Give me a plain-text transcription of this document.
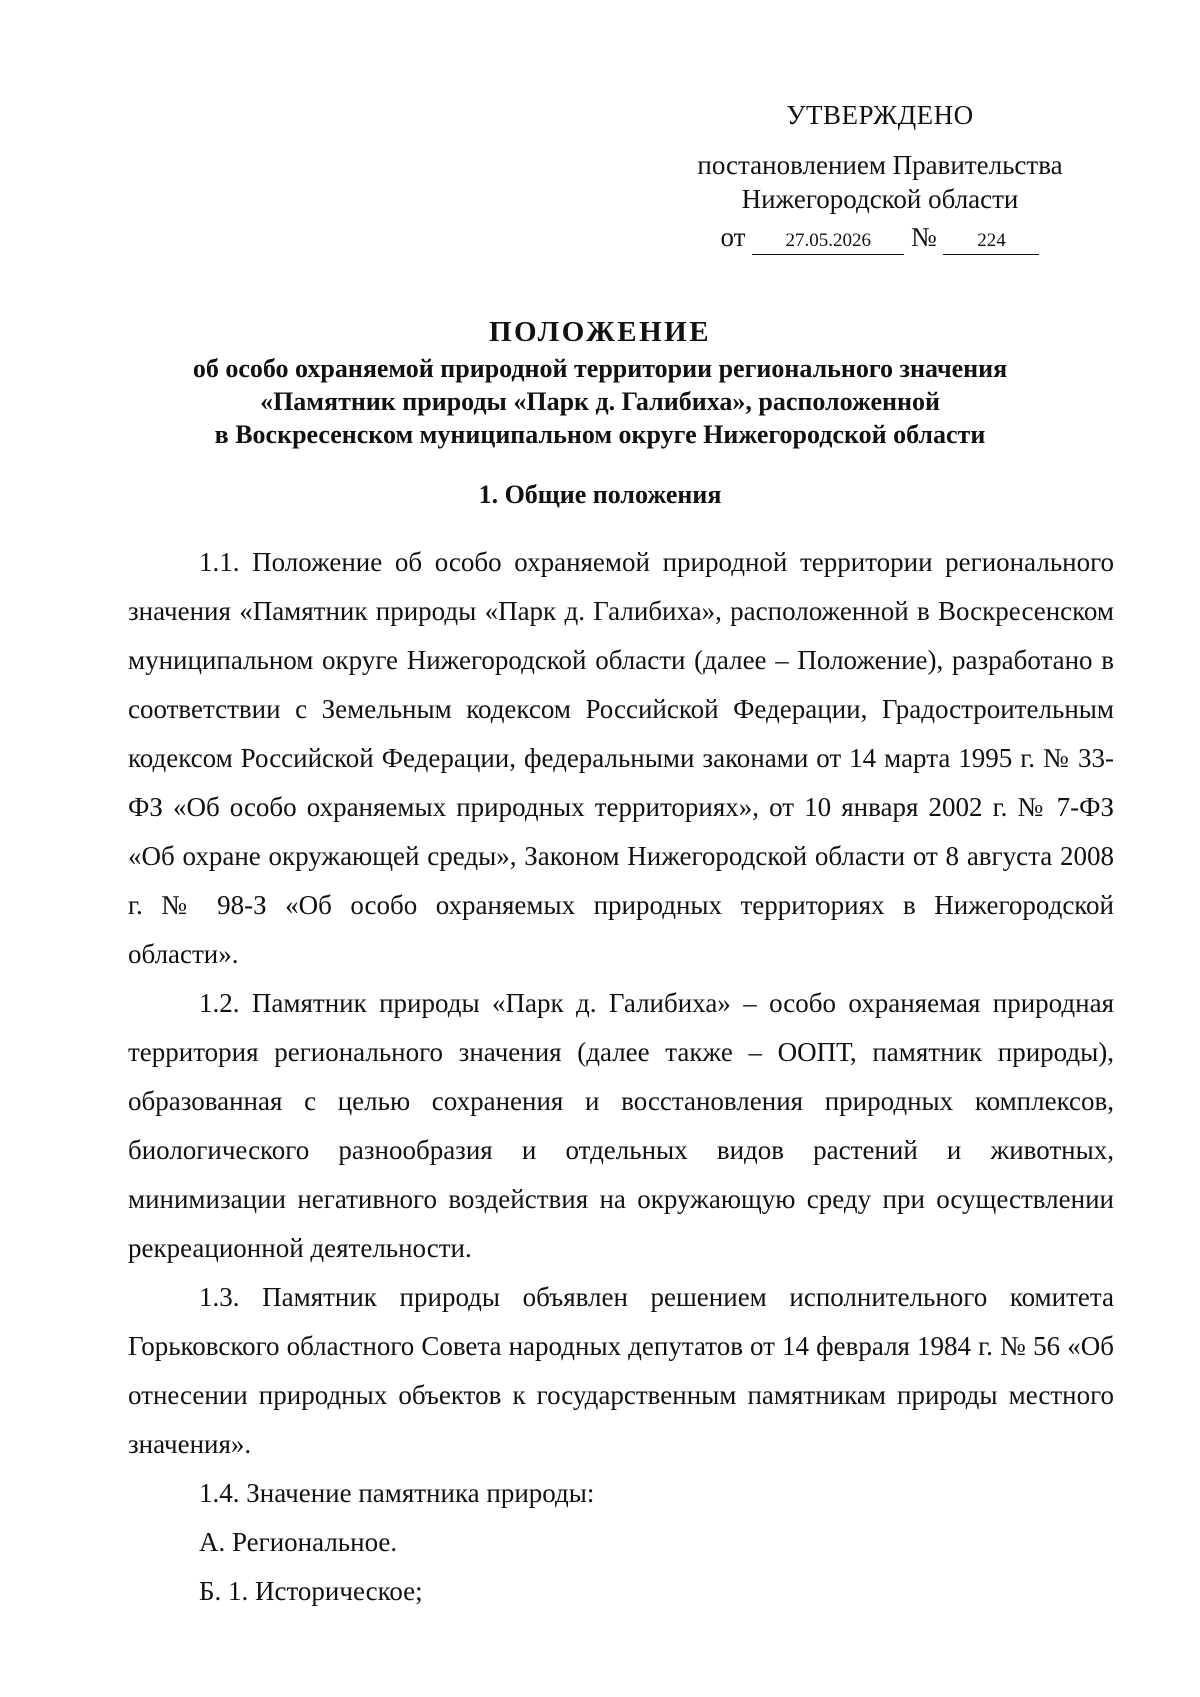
УТВЕРЖДЕНО
постановлением Правительства
Нижегородской области
от 27.05.2026 № 224
ПОЛОЖЕНИЕ
об особо охраняемой природной территории регионального значения
«Памятник природы «Парк д. Галибиха», расположенной
в Воскресенском муниципальном округе Нижегородской области
1. Общие положения

1.1. Положение об особо охраняемой природной территории регионального значения «Памятник природы «Парк д. Галибиха», расположенной в Воскресенском муниципальном округе Нижегородской области (далее – Положение), разработано в соответствии с Земельным кодексом Российской Федерации, Градостроительным кодексом Российской Федерации, федеральными законами от 14 марта 1995 г. № 33-ФЗ «Об особо охраняемых природных территориях», от 10 января 2002 г. № 7-ФЗ «Об охране окружающей среды», Законом Нижегородской области от 8 августа 2008 г. № 98-З «Об особо охраняемых природных территориях в Нижегородской области».

1.2. Памятник природы «Парк д. Галибиха» – особо охраняемая природная территория регионального значения (далее также – ООПТ, памятник природы), образованная с целью сохранения и восстановления природных комплексов, биологического разнообразия и отдельных видов растений и животных, минимизации негативного воздействия на окружающую среду при осуществлении рекреационной деятельности.

1.3. Памятник природы объявлен решением исполнительного комитета Горьковского областного Совета народных депутатов от 14 февраля 1984 г. № 56 «Об отнесении природных объектов к государственным памятникам природы местного значения».

1.4. Значение памятника природы:

А. Региональное.

Б. 1. Историческое;
